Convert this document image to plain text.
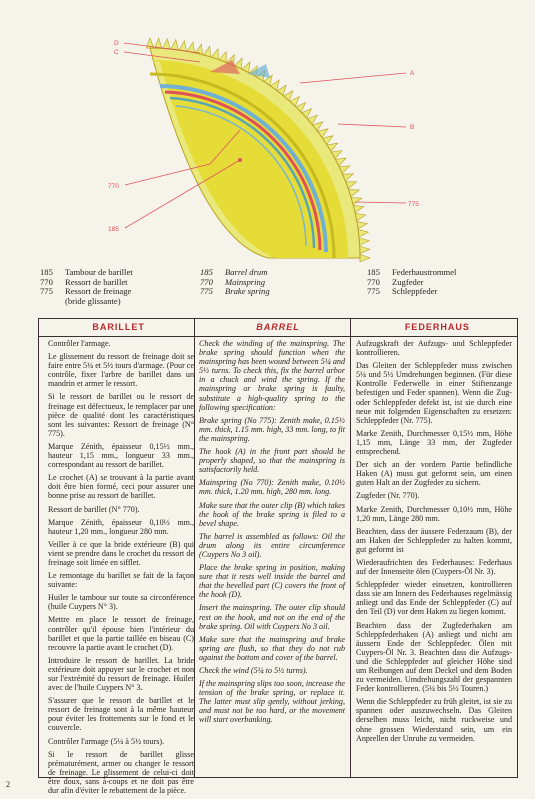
D
C
A
B
770
185
775
185	Tambour de barillet
770	Ressort de barillet
775	Ressort de freinage
(bride glissante)
185	Barrel drum
770	Mainspring
775	Brake spring
185	Federhaustrommel
770	Zugfeder
775	Schleppfeder
BARILLET	BARREL	FEDERHAUS

Contrôler l'armage.

Le glissement du ressort de freinage doit se faire entre 5¼ et 5½ tours d'armage. (Pour ce contrôle, fixer l'arbre de barillet dans un mandrin et armer le ressort.

Si le ressort de barillet ou le ressort de freinage est défectueux, le remplacer par une pièce de qualité dont les caractéristiques sont les suivantes: Ressort de freinage (N° 775).

Marque Zénith, épaisseur 0,15½ mm., hauteur 1,15 mm., longueur 33 mm., correspondant au ressort de barillet.

Le crochet (A) se trouvant à la partie avant doit être bien formé, ceci pour assurer une bonne prise au ressort de barillet.

Ressort de barillet (N° 770).

Marque Zénith, épaisseur 0,10½ mm., hauteur 1,20 mm., longueur 280 mm.

Veiller à ce que la bride extérieure (B) qui vient se prendre dans le crochet du ressort de freinage soit limée en sifflet.

Le remontage du barillet se fait de la façon suivante:

Huiler le tambour sur toute sa circonférence (huile Cuypers N° 3).

Mettre en place le ressort de freinage, contrôler qu'il épouse bien l'intérieur du barillet et que la partie taillée en biseau (C) recouvre la partie avant le crochet (D).

Introduire le ressort de barillet. La bride extérieure doit appuyer sur le crochet et non sur l'extrémité du ressort de freinage. Huiler avec de l'huile Cuypers N° 3.

S'assurer que le ressort de barillet et le ressort de freinage sont à la même hauteur pour éviter les frottements sur le fond et le couvercle.

Contrôler l'armage (5¼ à 5½ tours).

Si le ressort de barillet glisse prématurément, armer ou changer le ressort de freinage. Le glissement de celui-ci doit être doux, sans à-coups et ne doit pas être dur afin d'éviter le rebattement de la pièce.

Check the winding of the mainspring. The brake spring should function when the mainspring has been wound between 5¼ and 5½ turns. To check this, fix the barrel arbor in a chuck and wind the spring. If the mainspring or brake spring is faulty, substitute a high-quality spring to the following specification:

Brake spring (No 775): Zenith make, 0.15½ mm. thick, 1.15 mm. high, 33 mm. long, to fit the mainspring.

The hook (A) in the front part should be properly shaped, so that the mainspring is satisfactorily held.

Mainspring (No 770): Zenith make, 0.10½ mm. thick, 1.20 mm. high, 280 mm. long.

Make sure that the outer clip (B) which takes the hook of the brake spring is filed to a bevel shape.

The barrel is assembled as follows: Oil the drum along its entire circumference (Cuypers No 3 oil).

Place the brake spring in position, making sure that it rests well inside the barrel and that the bevelled part (C) covers the front of the hook (D).

Insert the mainspring. The outer clip should rest on the hook, and not on the end of the brake spring. Oil with Cuypers No 3 oil.

Make sure that the mainspring and brake spring are flush, so that they do not rub against the bottom and cover of the barrel.

Check the wind (5¼ to 5½ turns).

If the mainspring slips too soon, increase the tension of the brake spring, or replace it. The latter must slip gently, without jerking, and must not be too hard, or the movement will start overbanking.

Aufzugskraft der Aufzugs- und Schleppfeder kontrollieren.

Das Gleiten der Schleppfeder muss zwischen 5¼ und 5½ Umdrehungen beginnen. (Für diese Kontrolle Federwelle in einer Stiftenzange befestigen und Feder spannen). Wenn die Zug- oder Schleppfeder defekt ist, ist sie durch eine neue mit folgenden Eigenschaften zu ersetzen: Schleppfeder (Nr. 775).

Marke Zenith, Durchmesser 0,15½ mm, Höhe 1,15 mm, Länge 33 mm, der Zugfeder entsprechend.

Der sich an der vordern Partie befindliche Haken (A) muss gut geformt sein, um einen guten Halt an der Zugfeder zu sichern.

Zugfeder (Nr. 770).

Marke Zenith, Durchmesser 0,10½ mm, Höhe 1,20 mm, Länge 280 mm.

Beachten, dass der äussere Federzaum (B), der am Haken der Schleppfeder zu halten kommt, gut geformt ist

Wiederaufrichten des Federhauses: Federhaus auf der Innenseite ölen (Cuypers-Öl Nr. 3).

Schleppfeder wieder einsetzen, kontrollieren dass sie am Innern des Federhauses regelmässig anliegt und das Ende der Schleppfeder (C) auf den Teil (D) vor dem Haken zu liegen kommt.

Beachten dass der Zugfederhaken am Schleppfederhaken (A) anliegt und nicht am äussern Ende der Schleppfeder. Ölen mit Cuypers-Öl Nr. 3. Beachten dass die Aufzugs- und die Schleppfeder auf gleicher Höhe sind um Reibungen auf dem Deckel und dem Boden zu vermeiden. Umdrehungszahl der gespannten Feder kontrollieren. (5¼ bis 5½ Touren.)

Wenn die Schleppfeder zu früh gleitet, ist sie zu spannen oder auszuwechseln. Das Gleiten derselben muss leicht, nicht ruckweise und ohne grossen Wiederstand sein, um ein Anprellen der Unruhe zu vermeiden.

2
